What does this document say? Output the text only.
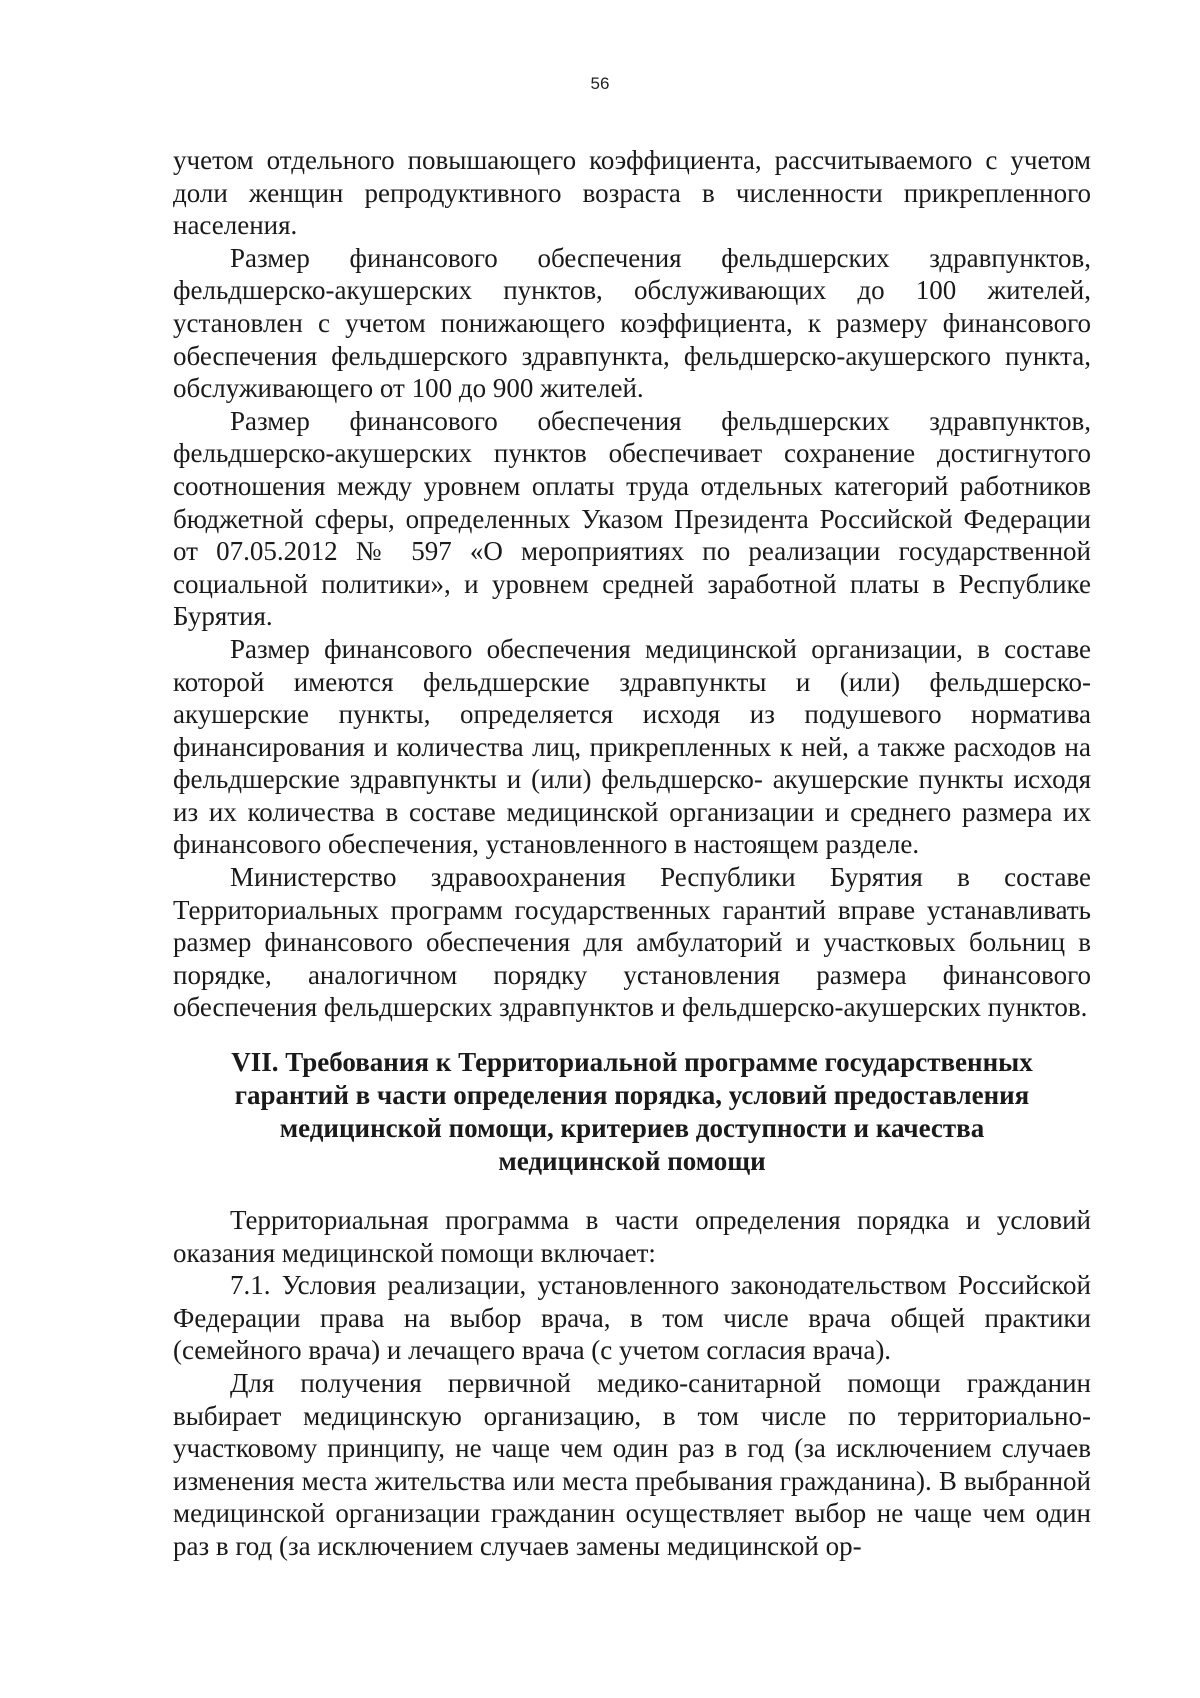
56

учетом отдельного повышающего коэффициента, рассчитываемого с учетом доли женщин репродуктивного возраста в численности прикрепленного населения.

Размер финансового обеспечения фельдшерских здравпунктов, фельдшерско-акушерских пунктов, обслуживающих до 100 жителей, установлен с учетом понижающего коэффициента, к размеру финансового обеспечения фельдшерского здравпункта, фельдшерско-акушерского пункта, обслуживающего от 100 до 900 жителей.

Размер финансового обеспечения фельдшерских здравпунктов, фельдшерско-акушерских пунктов обеспечивает сохранение достигнутого соотношения между уровнем оплаты труда отдельных категорий работников бюджетной сферы, определенных Указом Президента Российской Федерации от 07.05.2012 № 597 «О мероприятиях по реализации государственной социальной политики», и уровнем средней заработной платы в Республике Бурятия.

Размер финансового обеспечения медицинской организации, в составе которой имеются фельдшерские здравпункты и (или) фельдшерско-акушерские пункты, определяется исходя из подушевого норматива финансирования и количества лиц, прикрепленных к ней, а также расходов на фельдшерские здравпункты и (или) фельдшерско- акушерские пункты исходя из их количества в составе медицинской организации и среднего размера их финансового обеспечения, установленного в настоящем разделе.

Министерство здравоохранения Республики Бурятия в составе Территориальных программ государственных гарантий вправе устанавливать размер финансового обеспечения для амбулаторий и участковых больниц в порядке, аналогичном порядку установления размера финансового обеспечения фельдшерских здравпунктов и фельдшерско-акушерских пунктов.

VII. Требования к Территориальной программе государственных гарантий в части определения порядка, условий предоставления медицинской помощи, критериев доступности и качества медицинской помощи

Территориальная программа в части определения порядка и условий оказания медицинской помощи включает:

7.1. Условия реализации, установленного законодательством Российской Федерации права на выбор врача, в том числе врача общей практики (семейного врача) и лечащего врача (с учетом согласия врача).

Для получения первичной медико-санитарной помощи гражданин выбирает медицинскую организацию, в том числе по территориально-участковому принципу, не чаще чем один раз в год (за исключением случаев изменения места жительства или места пребывания гражданина). В выбранной медицинской организации гражданин осуществляет выбор не чаще чем один раз в год (за исключением случаев замены медицинской ор-
